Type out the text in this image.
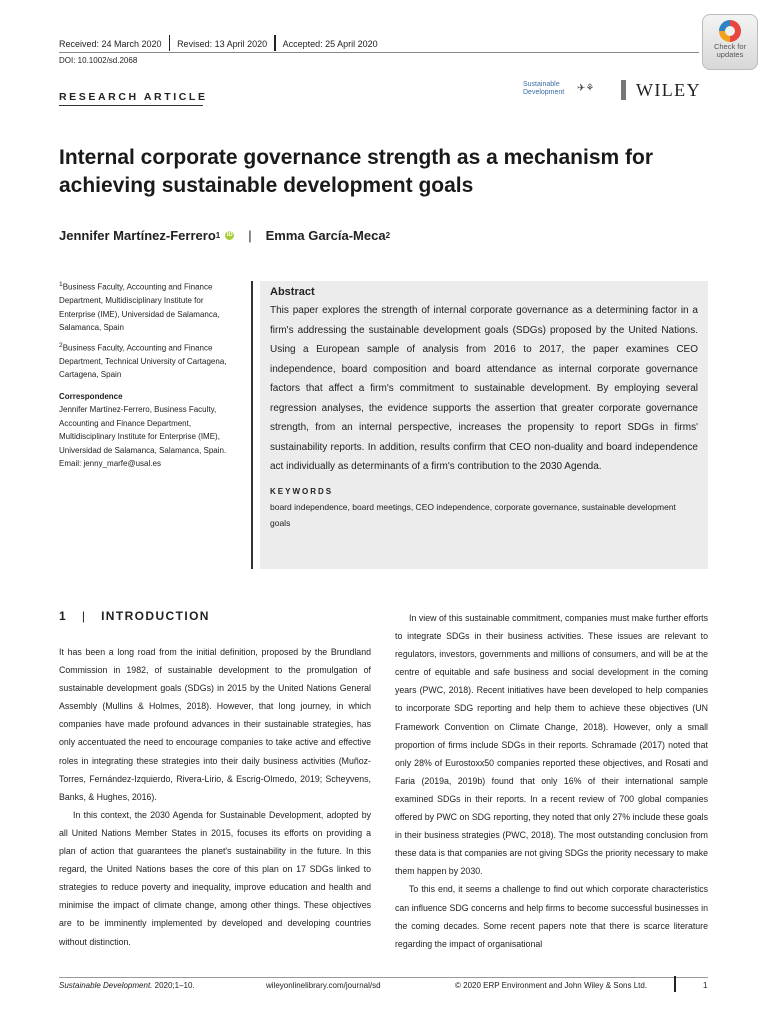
Received: 24 March 2020 Revised: 13 April 2020 Accepted: 25 April 2020
DOI: 10.1002/sd.2068
Check for updates
RESEARCH ARTICLE
Sustainable Development	✈︎⚘ WILEY
Internal corporate governance strength as a mechanism for achieving sustainable development goals
Jennifer Martínez-Ferrero 1 iD | Emma García-Meca 2

$^1$Business Faculty, Accounting and Finance Department, Multidisciplinary Institute for Enterprise (IME), Universidad de Salamanca, Salamanca, Spain

$^2$Business Faculty, Accounting and Finance Department, Technical University of Cartagena, Cartagena, Spain

Correspondence
Jennifer Martínez-Ferrero, Business Faculty, Accounting and Finance Department, Multidisciplinary Institute for Enterprise (IME), Universidad de Salamanca, Salamanca, Spain.
Email: jenny_marfe@usal.es
Abstract

This paper explores the strength of internal corporate governance as a determining factor in a firm's addressing the sustainable development goals (SDGs) proposed by the United Nations. Using a European sample of analysis from 2016 to 2017, the paper examines CEO independence, board composition and board attendance as internal corporate governance factors that affect a firm's commitment to sustainable development. By employing several regression analyses, the evidence supports the assertion that greater corporate governance strength, from an internal perspective, increases the propensity to report SDGs in firms' sustainability reports. In addition, results confirm that CEO non-duality and board independence act individually as determinants of a firm's contribution to the 2030 Agenda.

KEYWORDS
board independence, board meetings, CEO independence, corporate governance, sustainable development goals
1 | INTRODUCTION

It has been a long road from the initial definition, proposed by the Brundland Commission in 1982, of sustainable development to the promulgation of sustainable development goals (SDGs) in 2015 by the United Nations General Assembly (Mullins & Holmes, 2018). However, that long journey, in which companies have made profound advances in their sustainable strategies, has only accentuated the need to encourage companies to take active and effective roles in integrating these strategies into their daily business activities (Muñoz-Torres, Fernández-Izquierdo, Rivera-Lirio, & Escrig-Olmedo, 2019; Scheyvens, Banks, & Hughes, 2016).

In this context, the 2030 Agenda for Sustainable Development, adopted by all United Nations Member States in 2015, focuses its efforts on providing a plan of action that guarantees the planet's sustainability in the future. In this regard, the United Nations bases the core of this plan on 17 SDGs linked to strategies to reduce poverty and inequality, improve education and health and minimise the impact of climate change, among other things. These objectives are to be imminently implemented by developed and developing countries without distinction.

In view of this sustainable commitment, companies must make further efforts to integrate SDGs in their business activities. These issues are relevant to regulators, investors, governments and millions of consumers, and will be at the centre of equitable and safe business and social development in the coming years (PWC, 2018). Recent initiatives have been developed to help companies to incorporate SDG reporting and help them to achieve these objectives (UN Framework Convention on Climate Change, 2018). However, only a small proportion of firms include SDGs in their reports. Schramade (2017) noted that only 28% of Eurostoxx50 companies reported these objectives, and Rosati and Faria (2019a, 2019b) found that only 16% of their international sample examined SDGs in their reports. In a recent review of 700 global companies offered by PWC on SDG reporting, they noted that only 27% include these goals in their business strategies (PWC, 2018). The most outstanding conclusion from these data is that companies are not giving SDGs the priority necessary to make them happen by 2030.

To this end, it seems a challenge to find out which corporate characteristics can influence SDG concerns and help firms to become successful businesses in the coming decades. Some recent papers note that there is scarce literature regarding the impact of organisational

Sustainable Development. 2020;1–10.	wileyonlinelibrary.com/journal/sd	© 2020 ERP Environment and John Wiley & Sons Ltd.	1
